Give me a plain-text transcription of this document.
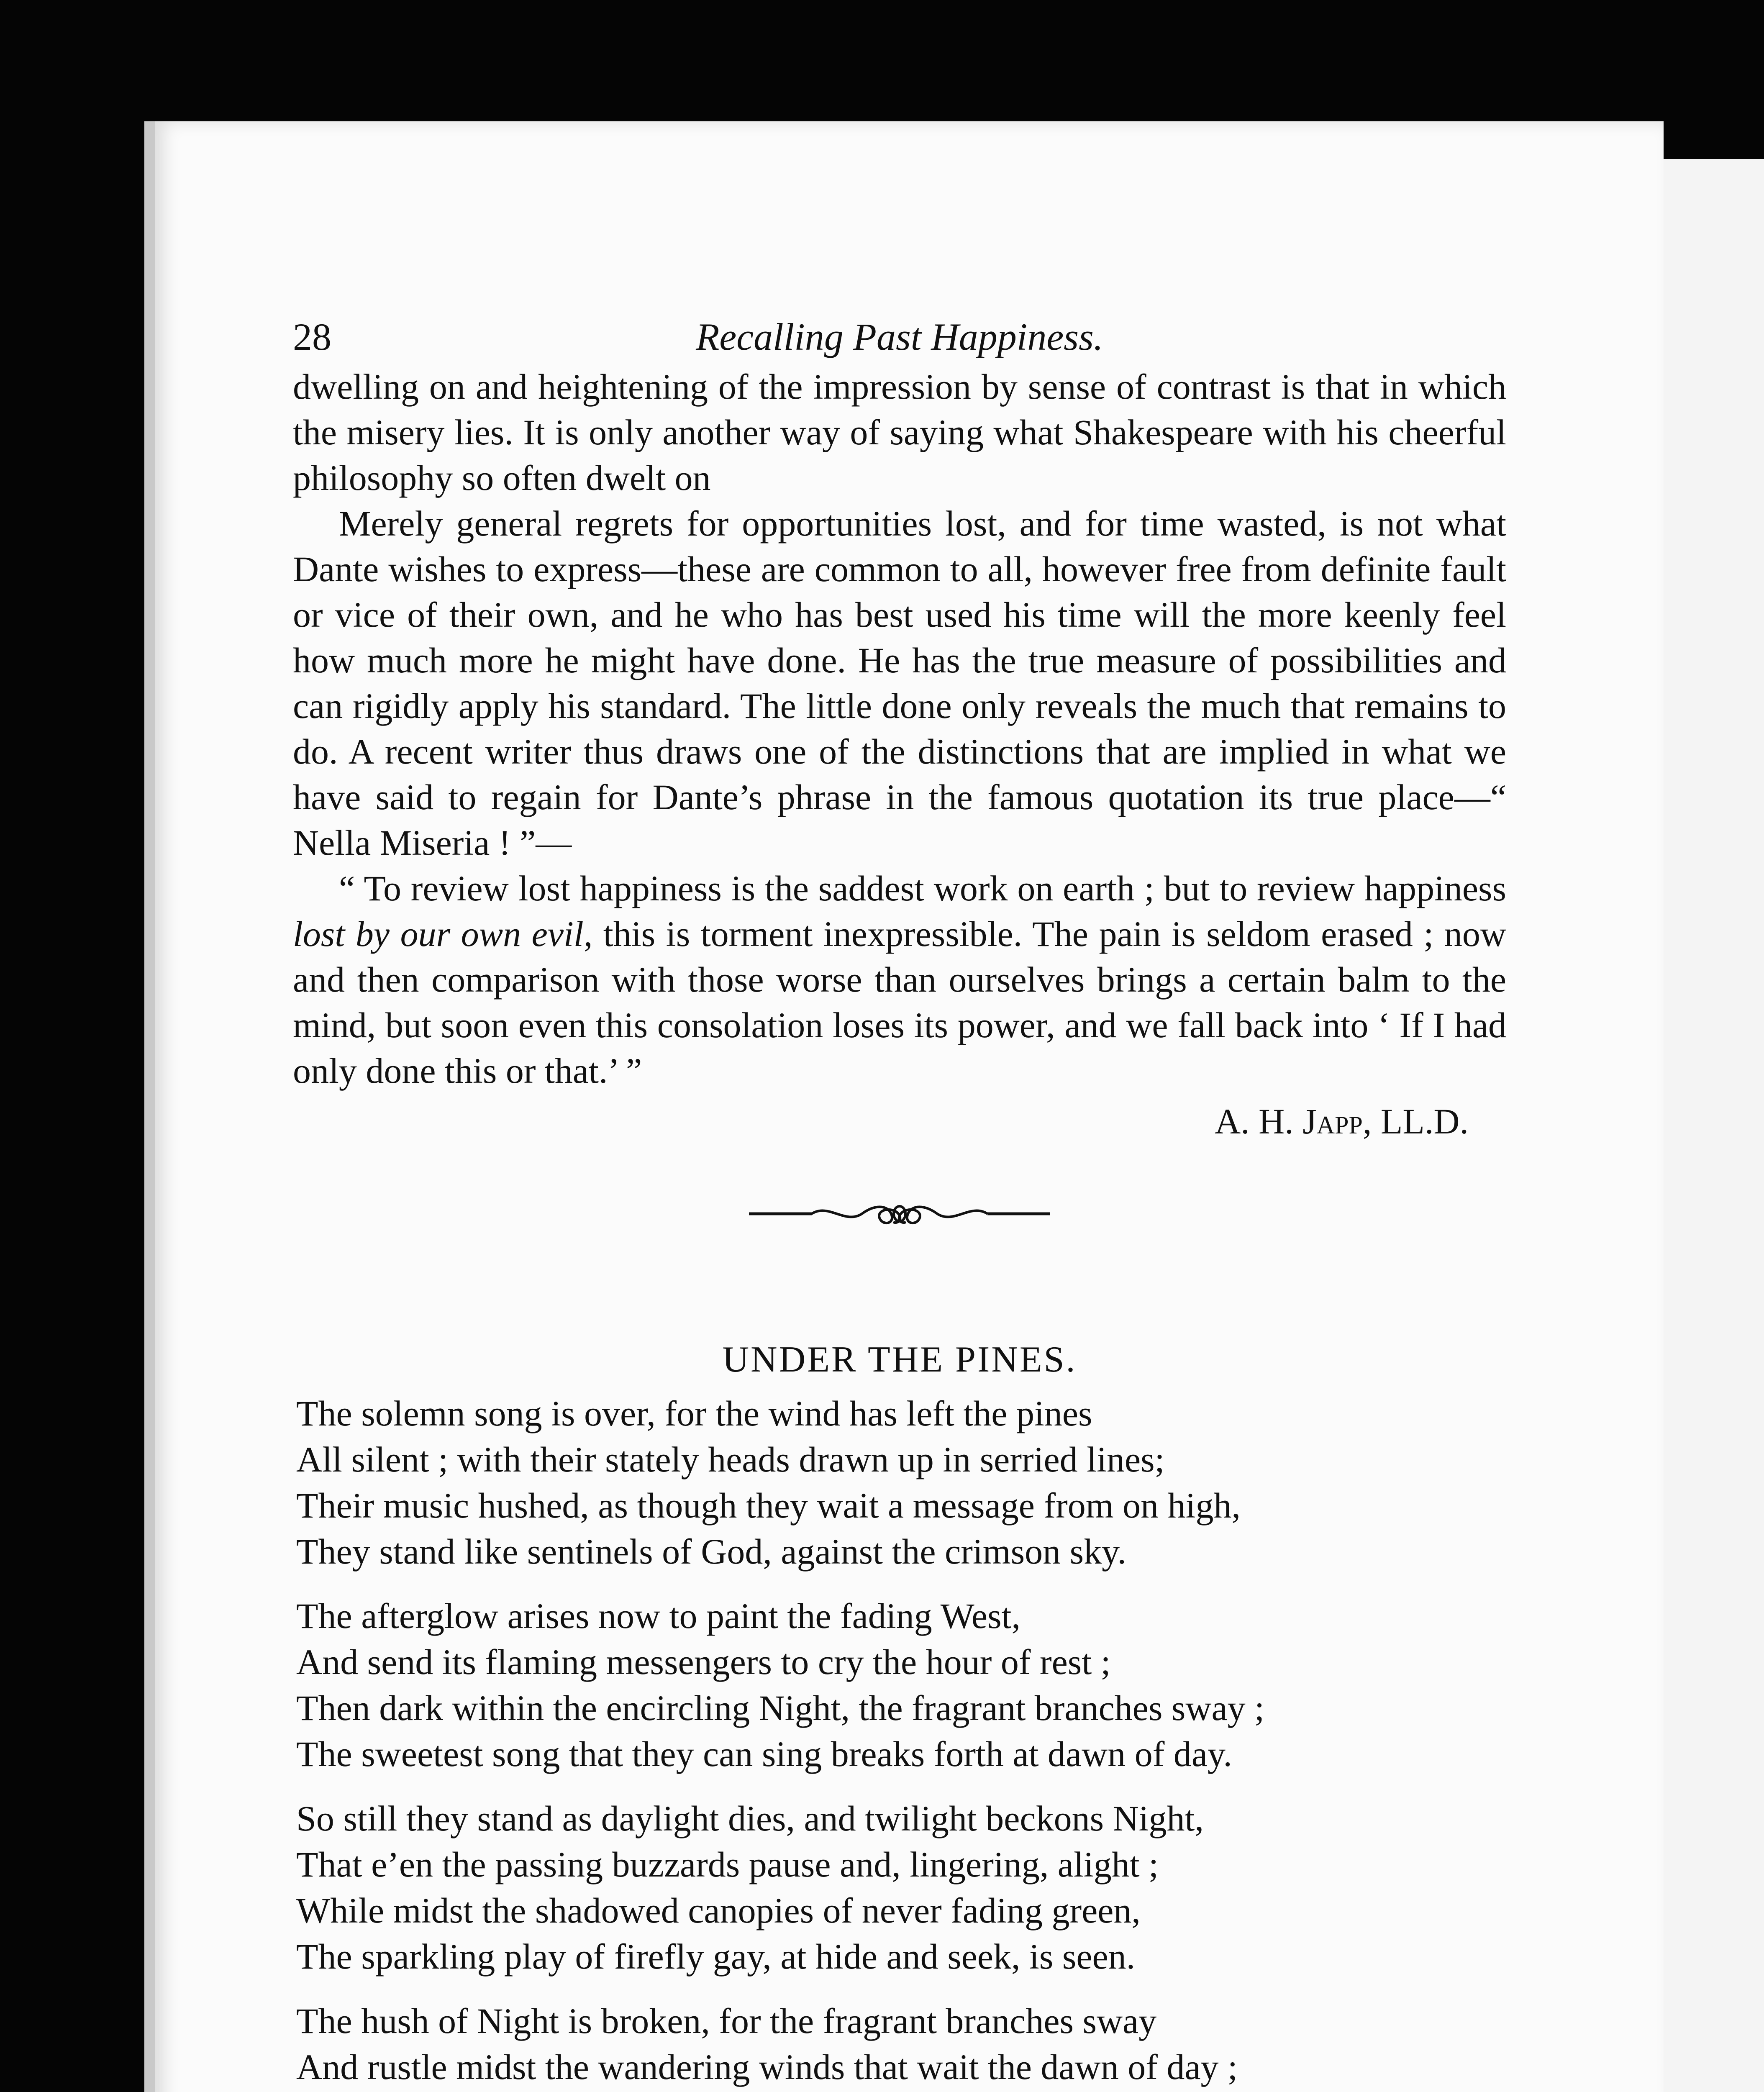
28	Recalling Past Happiness.

dwelling on and heightening of the impression by sense of contrast is that in which the misery lies. It is only another way of saying what Shakespeare with his cheerful philosophy so often dwelt on

Merely general regrets for opportunities lost, and for time wasted, is not what Dante wishes to express—these are common to all, however free from definite fault or vice of their own, and he who has best used his time will the more keenly feel how much more he might have done. He has the true measure of possibilities and can rigidly apply his standard. The little done only reveals the much that remains to do. A recent writer thus draws one of the distinctions that are implied in what we have said to regain for Dante’s phrase in the famous quotation its true place—“ Nella Miseria ! ”—

“ To review lost happiness is the saddest work on earth ; but to review happiness lost by our own evil, this is torment inexpressible. The pain is seldom erased ; now and then comparison with those worse than ourselves brings a certain balm to the mind, but soon even this consolation loses its power, and we fall back into ‘ If I had only done this or that.’ ”

A. H. Japp, LL.D.
UNDER THE PINES.
The solemn song is over, for the wind has left the pines
All silent ; with their stately heads drawn up in serried lines;
Their music hushed, as though they wait a message from on high,
They stand like sentinels of God, against the crimson sky.
The afterglow arises now to paint the fading West,
And send its flaming messengers to cry the hour of rest ;
Then dark within the encircling Night, the fragrant branches sway ;
The sweetest song that they can sing breaks forth at dawn of day.
So still they stand as daylight dies, and twilight beckons Night,
That e’en the passing buzzards pause and, lingering, alight ;
While midst the shadowed canopies of never fading green,
The sparkling play of firefly gay, at hide and seek, is seen.
The hush of Night is broken, for the fragrant branches sway
And rustle midst the wandering winds that wait the dawn of day ;
